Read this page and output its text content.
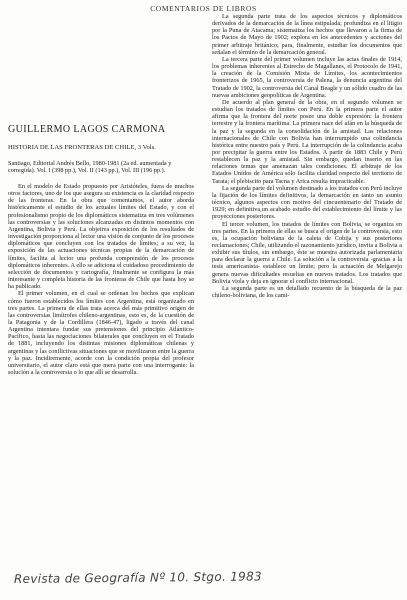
COMENTARIOS DE LIBROS
GUILLERMO LAGOS CARMONA
HISTORIA DE LAS FRONTERAS DE CHILE, 3 Vols.
Santiago, Editorial Andrés Bello, 1980-1981 (2a ed. aumentada y corregida). Vol. I (398 pp.), Vol. II (143 pp.), Vol. III (196 pp.).

En el modelo de Estado propuesto por Aristóteles, fuera de muchos otros factores, uno de los que asegura su existencia es la claridad respecto de las fronteras. En la obra que comentamos, el autor aborda históricamente el estudio de los actuales límites del Estado, y con el profesionalismo propio de los diplomáticos sistematiza en tres volúmenes las controversias y las soluciones alcanzadas en distintos momentos con Argentina, Bolivia y Perú. La objetiva exposición de los resultados de investigación proporciona al lector una visión de conjunto de los procesos diplomáticos que concluyen con los tratados de límites; a su vez, la exposición de las actuaciones técnicas propias de la demarcación de límites, facilita al lector una profunda comprensión de los procesos diplomáticos inherentes. A ello se adiciona el cuidadoso procedimiento de selección de documentos y cartografía, finalmente se configura la más interesante y completa historia de las fronteras de Chile que hasta hoy se ha publicado.

El primer volumen, en el cual se ordenan los hechos que explican cómo fueron establecidos los límites con Argentina, está organizado en tres partes. La primera de ellas trata acerca del más primitivo origen de las controversias limítrofes chileno-argentinas, esto es, de la cuestión de la Patagonia y de la Cordillera (1846-47), ligado a través del canal Argentina intentara fundar sus pretensiones del principio Atlántico-Pacífico, hasta las negociaciones bilaterales que concluyen en el Tratado de 1881, incluyendo los distintas misiones diplomáticas chilenas y argentinas y las conflictivas situaciones que se movilizaron entre la guerra y la paz. Incidiremente, acorde con la condición propia del profesor universitario, el autor claro está que mera parte con una interrogante: la solución a la controversia o lo que allí se desarrolla.

La segunda parte trata de los aspectos técnicos y diplomáticos derivados de la demarcación de la línea estipulada; profundiza en el litigio por la Puna de Atacama; sistematiza los hechos que llevaron a la firma de los Pactos de Mayo de 1902; explora en los antecedentes y acciones del primer arbitraje británico; para, finalmente, estudiar los documentos que señalan el término de la demarcación general.

La tercera parte del primer volumen incluye las actas finales de 1914, los problemas inherentes al Estrecho de Magallanes, el Protocolo de 1941, la creación de la Comisión Mixta de Límites, los acontecimientos fronterizos de 1965, la controversia de Palena, la denuncia argentina del Tratado de 1902, la controversia del Canal Beagle y un sólido cuadro de las nuevas ambiciones geopolíticas de Argentina.

De acuerdo al plan general de la obra, en el segundo volumen se estudian los tratados de límites con Perú. En la primera parte el autor afirma que la frontera del norte posee una doble expresión: la frontera terrestre y la frontera marítima. La primera nace del afán en la búsqueda de la paz y la segunda en la consolidación de la amistad. Las relaciones internacionales de Chile con Bolivia han interrumpido una colindancia histórica entre nuestro país y Perú. La interrupción de la colindancia acaba por precipitar la guerra entre los Estados. A partir de 1883 Chile y Perú restablecen la paz y la amistad. Sin embargo, quedan inserto en las relaciones temas que amenazan tales condiciones. El arbitraje de los Estados Unidos de América sólo facilita claridad respecto del territorio de Tarata; el plebiscito para Tacna y Arica resulta impracticable.

La segunda parte del volumen destinado a los tratados con Perú incluye la fijación de los límites definitivos, la demarcación en tanto un asunto técnico, algunos aspectos con motivo del cincuentenario del Tratado de 1929; en definitiva,un acabado estudio del establecimiento del límite y las proyecciones posteriores.

El tercer volumen, los tratados de límites con Bolivia, se organiza en tres partes. En la primera de ellas se busca el origen de la controversia, esto es, la ocupación boliviana de la caleta de Cobija y sus posteriores reclamaciones; Chile, utilizando el razonamiento jurídico, invita a Bolivia a exhibir sus títulos, sin embargo, éste se muestra autorizada parlamentaria para declarar la guerra a Chile. La solución a la controversia -gracias a la tesis americanista- establece un límite; pero la actuación de Melgarejo genera nuevas dificultades resueltas en nuevos tratados. Los tratados que Bolivia viola y deja en ignorar el conflicto internacional.

La segunda parte es un detallado recuento de la búsqueda de la paz chileno-boliviana, de los cami-

Revista de Geografía Nº 10. Stgo. 1983
